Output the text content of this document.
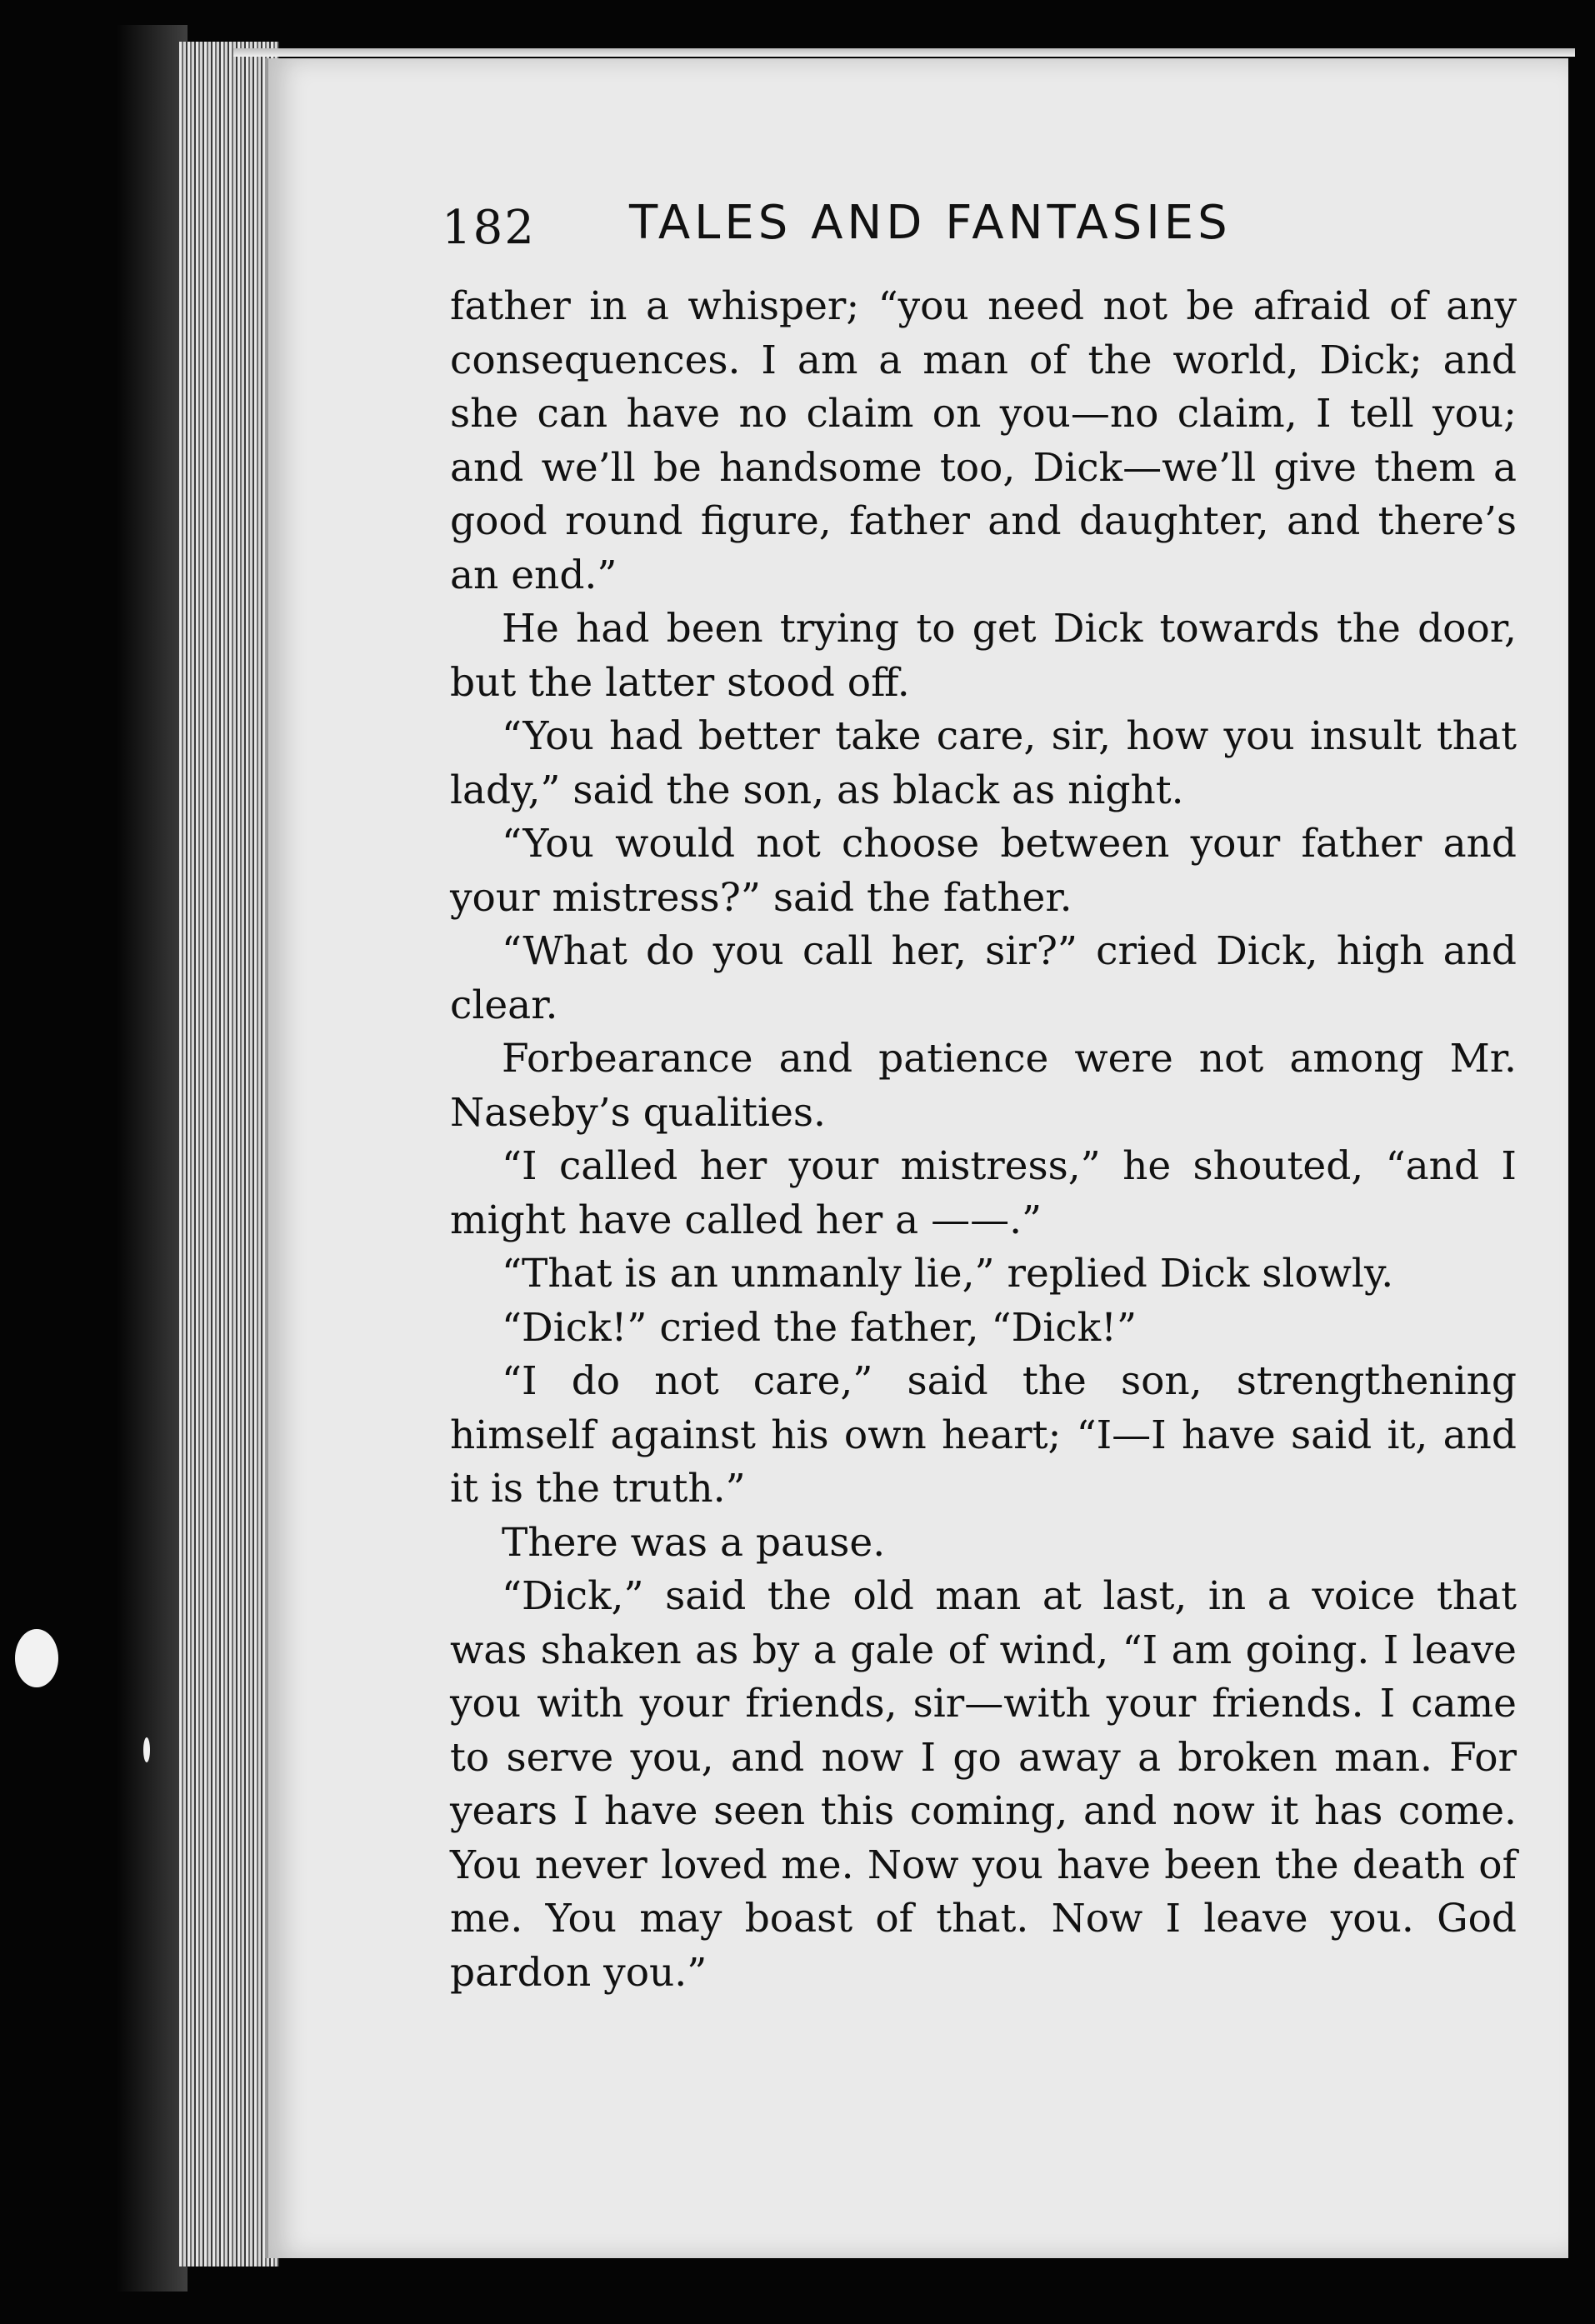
182 TALES AND FANTASIES

father in a whisper; “you need not be afraid of any consequences. I am a man of the world, Dick; and she can have no claim on you—no claim, I tell you; and we’ll be handsome too, Dick—we’ll give them a good round figure, father and daughter, and there’s an end.”

He had been trying to get Dick towards the door, but the latter stood off.

“You had better take care, sir, how you insult that lady,” said the son, as black as night.

“You would not choose between your father and your mistress?” said the father.

“What do you call her, sir?” cried Dick, high and clear.

Forbearance and patience were not among Mr. Naseby’s qualities.

“I called her your mistress,” he shouted, “and I might have called her a ——.”

“That is an unmanly lie,” replied Dick slowly.

“Dick!” cried the father, “Dick!”

“I do not care,” said the son, strengthening himself against his own heart; “I—I have said it, and it is the truth.”

There was a pause.

“Dick,” said the old man at last, in a voice that was shaken as by a gale of wind, “I am going. I leave you with your friends, sir—with your friends. I came to serve you, and now I go away a broken man. For years I have seen this coming, and now it has come. You never loved me. Now you have been the death of me. You may boast of that. Now I leave you. God pardon you.”
